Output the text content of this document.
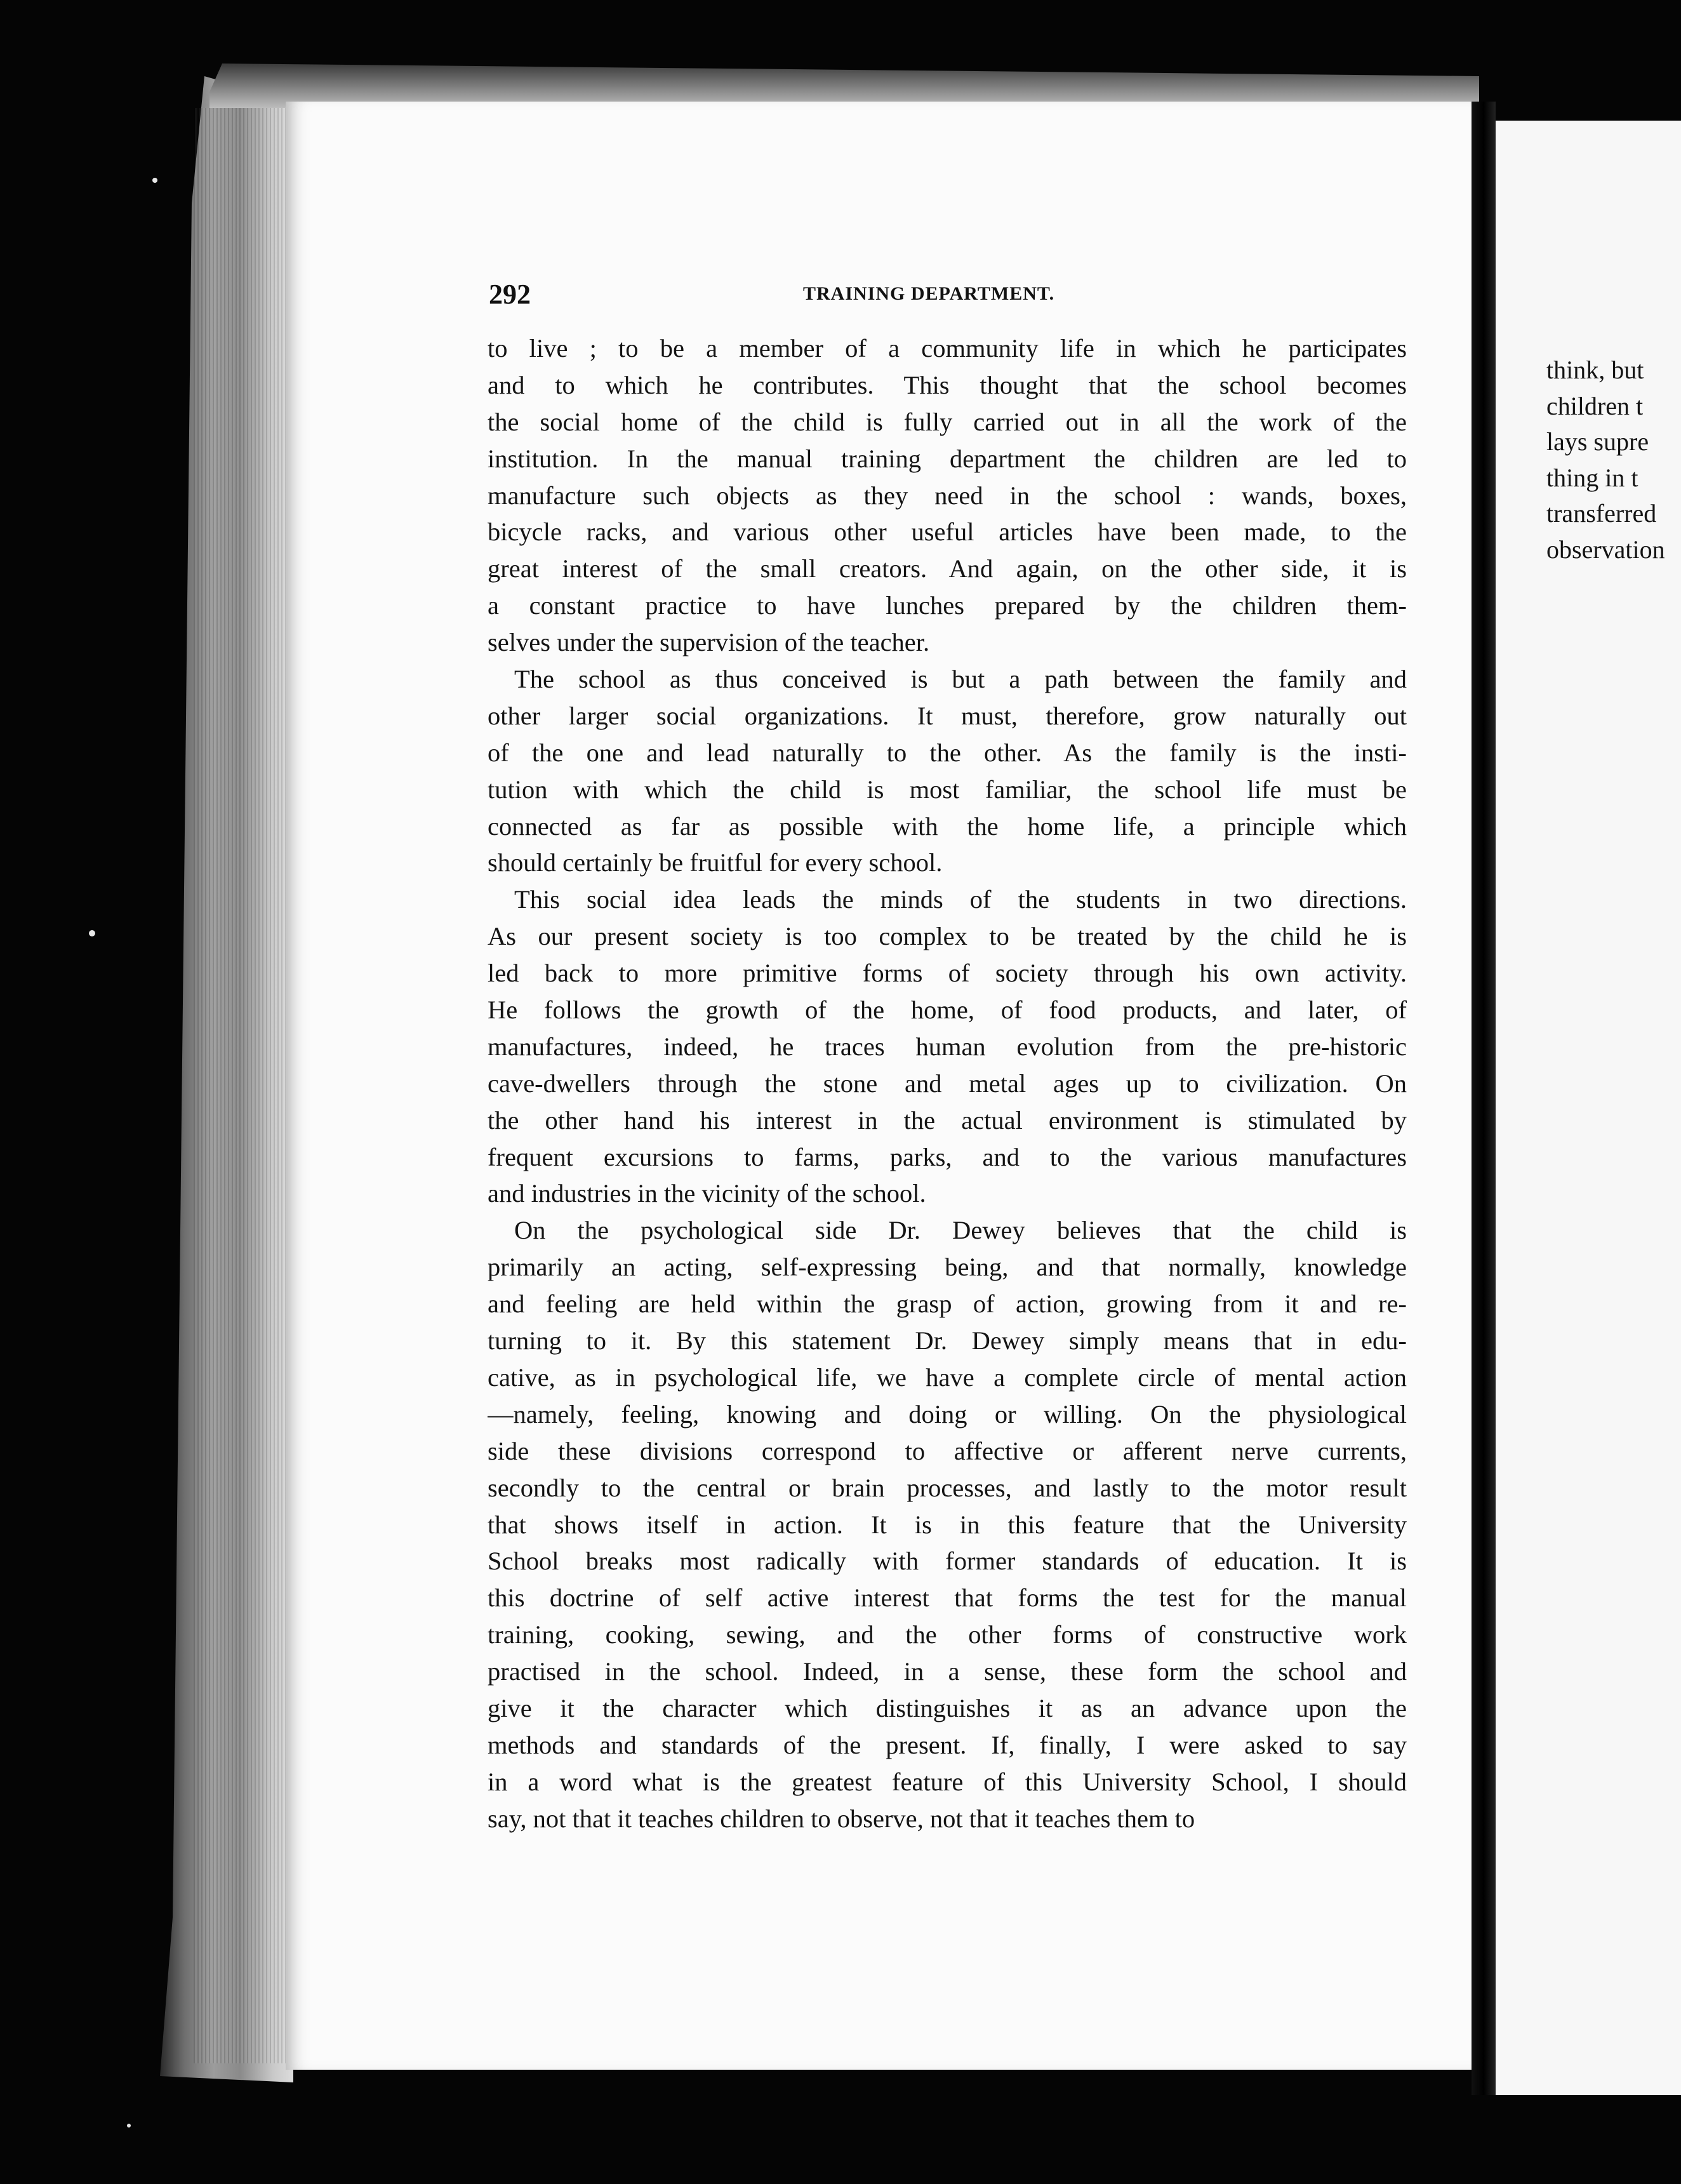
292	TRAINING DEPARTMENT.
to live ; to be a member of a community life in which he participates
and to which he contributes. This thought that the school becomes
the social home of the child is fully carried out in all the work of the
institution. In the manual training department the children are led to
manufacture such objects as they need in the school : wands, boxes,
bicycle racks, and various other useful articles have been made, to the
great interest of the small creators. And again, on the other side, it is
a constant practice to have lunches prepared by the children them-
selves under the supervision of the teacher.
The school as thus conceived is but a path between the family and
other larger social organizations. It must, therefore, grow naturally out
of the one and lead naturally to the other. As the family is the insti-
tution with which the child is most familiar, the school life must be
connected as far as possible with the home life, a principle which
should certainly be fruitful for every school.
This social idea leads the minds of the students in two directions.
As our present society is too complex to be treated by the child he is
led back to more primitive forms of society through his own activity.
He follows the growth of the home, of food products, and later, of
manufactures, indeed, he traces human evolution from the pre-historic
cave-dwellers through the stone and metal ages up to civilization. On
the other hand his interest in the actual environment is stimulated by
frequent excursions to farms, parks, and to the various manufactures
and industries in the vicinity of the school.
On the psychological side Dr. Dewey believes that the child is
primarily an acting, self-expressing being, and that normally, knowledge
and feeling are held within the grasp of action, growing from it and re-
turning to it. By this statement Dr. Dewey simply means that in edu-
cative, as in psychological life, we have a complete circle of mental action
—namely, feeling, knowing and doing or willing. On the physiological
side these divisions correspond to affective or afferent nerve currents,
secondly to the central or brain processes, and lastly to the motor result
that shows itself in action. It is in this feature that the University
School breaks most radically with former standards of education. It is
this doctrine of self active interest that forms the test for the manual
training, cooking, sewing, and the other forms of constructive work
practised in the school. Indeed, in a sense, these form the school and
give it the character which distinguishes it as an advance upon the
methods and standards of the present. If, finally, I were asked to say
in a word what is the greatest feature of this University School, I should
say, not that it teaches children to observe, not that it teaches them to
think, but
children t
lays supre
thing in t
transferred
observation
